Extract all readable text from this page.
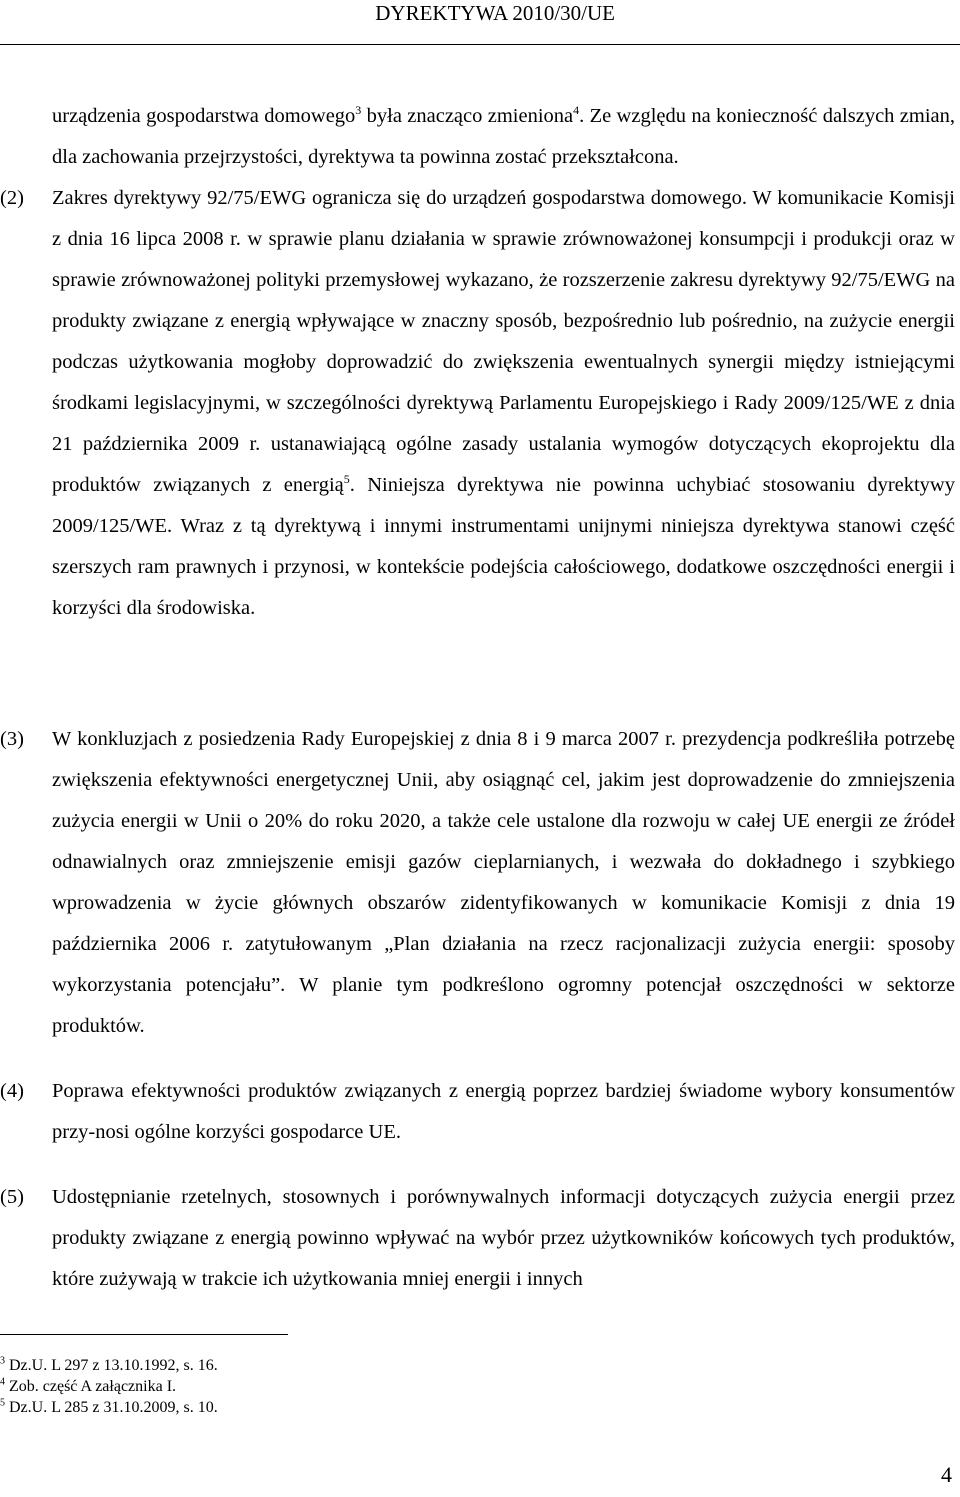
DYREKTYWA 2010/30/UE
urządzenia gospodarstwa domowego$^3$ była znacząco zmieniona$^4$. Ze względu na konieczność dalszych zmian, dla zachowania przejrzystości, dyrektywa ta powinna zostać przekształcona.
(2) Zakres dyrektywy 92/75/EWG ogranicza się do urządzeń gospodarstwa domowego. W komunikacie Komisji z dnia 16 lipca 2008 r. w sprawie planu działania w sprawie zrównoważonej konsumpcji i produkcji oraz w sprawie zrównoważonej polityki przemysłowej wykazano, że rozszerzenie zakresu dyrektywy 92/75/EWG na produkty związane z energią wpływające w znaczny sposób, bezpośrednio lub pośrednio, na zużycie energii podczas użytkowania mogłoby doprowadzić do zwiększenia ewentualnych synergii między istniejącymi środkami legislacyjnymi, w szczególności dyrektywą Parlamentu Europejskiego i Rady 2009/125/WE z dnia 21 października 2009 r. ustanawiającą ogólne zasady ustalania wymogów dotyczących ekoprojektu dla produktów związanych z energią$^5$. Niniejsza dyrektywa nie powinna uchybiać stosowaniu dyrektywy 2009/125/WE. Wraz z tą dyrektywą i innymi instrumentami unijnymi niniejsza dyrektywa stanowi część szerszych ram prawnych i przynosi, w kontekście podejścia całościowego, dodatkowe oszczędności energii i korzyści dla środowiska.
(3) W konkluzjach z posiedzenia Rady Europejskiej z dnia 8 i 9 marca 2007 r. prezydencja podkreśliła potrzebę zwiększenia efektywności energetycznej Unii, aby osiągnąć cel, jakim jest doprowadzenie do zmniejszenia zużycia energii w Unii o 20% do roku 2020, a także cele ustalone dla rozwoju w całej UE energii ze źródeł odnawialnych oraz zmniejszenie emisji gazów cieplarnianych, i wezwała do dokładnego i szybkiego wprowadzenia w życie głównych obszarów zidentyfikowanych w komunikacie Komisji z dnia 19 października 2006 r. zatytułowanym „Plan działania na rzecz racjonalizacji zużycia energii: sposoby wykorzystania potencjału”. W planie tym podkreślono ogromny potencjał oszczędności w sektorze produktów.
(4) Poprawa efektywności produktów związanych z energią poprzez bardziej świadome wybory konsumentów przy-nosi ogólne korzyści gospodarce UE.
(5) Udostępnianie rzetelnych, stosownych i porównywalnych informacji dotyczących zużycia energii przez produkty związane z energią powinno wpływać na wybór przez użytkowników końcowych tych produktów, które zużywają w trakcie ich użytkowania mniej energii i innych
$^3$ Dz.U. L 297 z 13.10.1992, s. 16.
$^4$ Zob. część A załącznika I.
$^5$ Dz.U. L 285 z 31.10.2009, s. 10.
4
